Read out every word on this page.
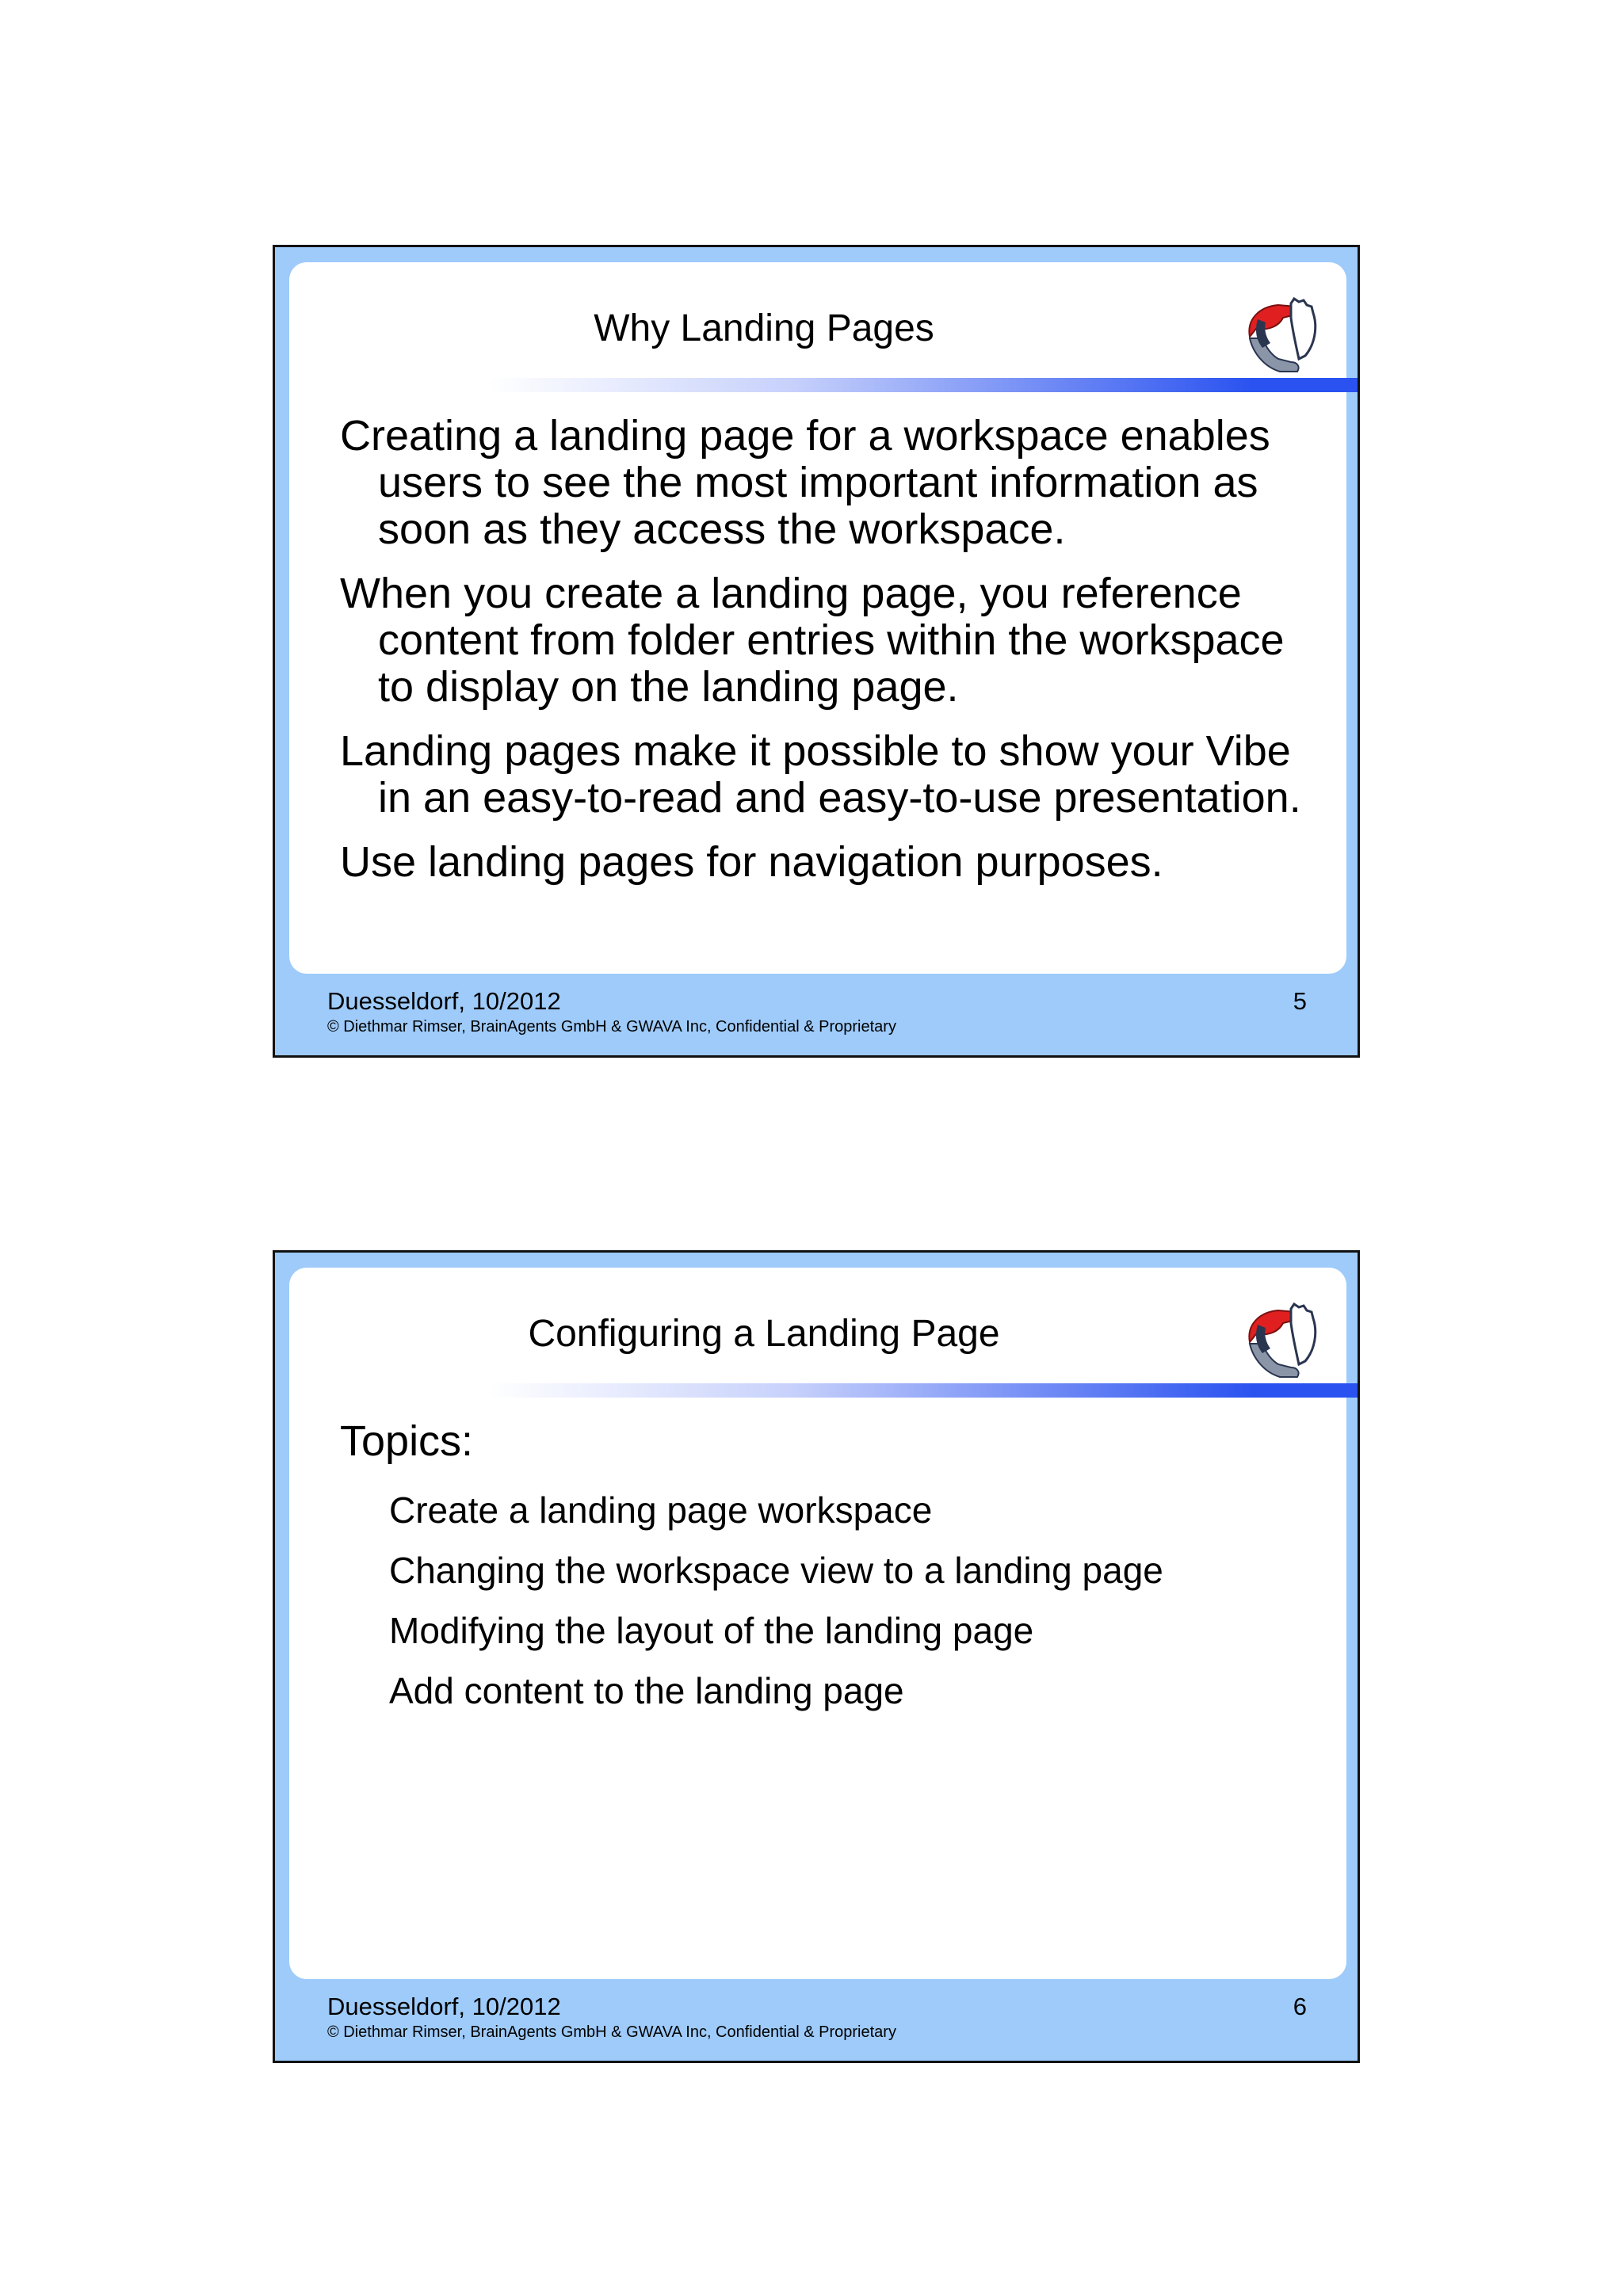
Why Landing Pages

Creating a landing page for a workspace enables users to see the most important information as soon as they access the workspace.

When you create a landing page, you reference content from folder entries within the workspace to display on the landing page.

Landing pages make it possible to show your Vibe in an easy-to-read and easy-to-use presentation.

Use landing pages for navigation purposes.

Duesseldorf, 10/2012	5
© Diethmar Rimser, BrainAgents GmbH & GWAVA Inc, Confidential & Proprietary
Configuring a Landing Page

Topics:

Create a landing page workspace

Changing the workspace view to a landing page

Modifying the layout of the landing page

Add content to the landing page

Duesseldorf, 10/2012	6
© Diethmar Rimser, BrainAgents GmbH & GWAVA Inc, Confidential & Proprietary
